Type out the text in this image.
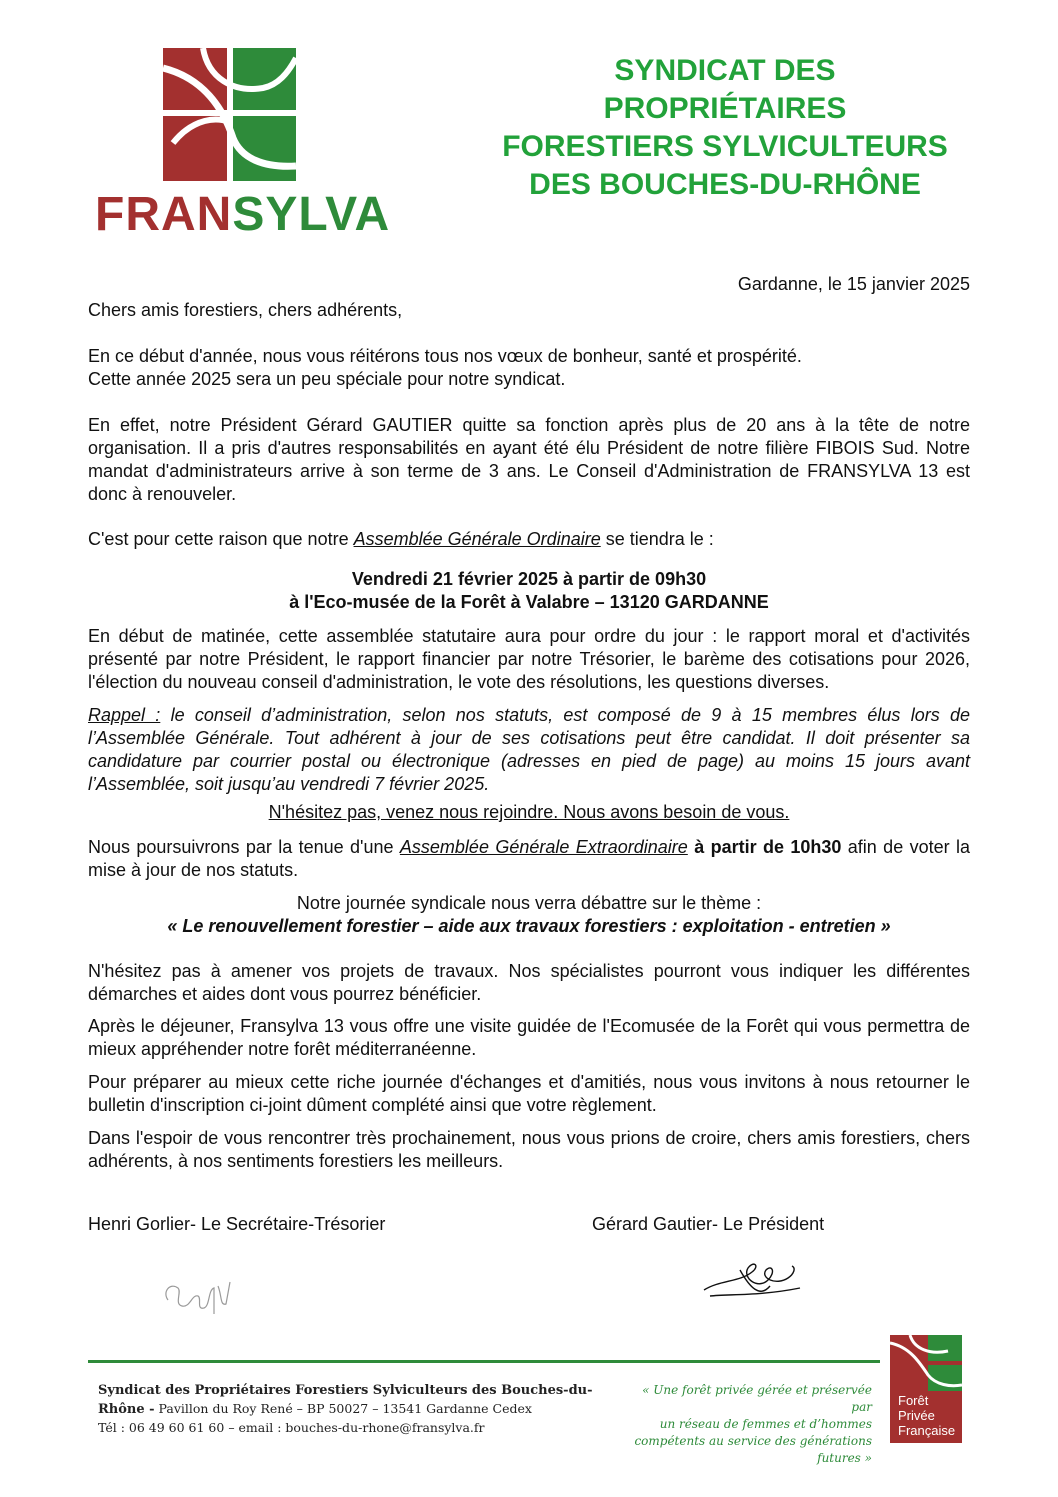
FRANSYLVA
SYNDICAT DES
PROPRIÉTAIRES
FORESTIERS SYLVICULTEURS
DES BOUCHES-DU-RHÔNE
Gardanne, le 15 janvier 2025
Chers amis forestiers, chers adhérents,
En ce début d'année, nous vous réitérons tous nos vœux de bonheur, santé et prospérité.
Cette année 2025 sera un peu spéciale pour notre syndicat.
En effet, notre Président Gérard GAUTIER quitte sa fonction après plus de 20 ans à la tête de notre organisation. Il a pris d'autres responsabilités en ayant été élu Président de notre filière FIBOIS Sud. Notre mandat d'administrateurs arrive à son terme de 3 ans. Le Conseil d'Administration de FRANSYLVA 13 est donc à renouveler.
C'est pour cette raison que notre Assemblée Générale Ordinaire se tiendra le :
Vendredi 21 février 2025 à partir de 09h30
à l'Eco-musée de la Forêt à Valabre – 13120 GARDANNE
En début de matinée, cette assemblée statutaire aura pour ordre du jour : le rapport moral et d'activités présenté par notre Président, le rapport financier par notre Trésorier, le barème des cotisations pour 2026, l'élection du nouveau conseil d'administration, le vote des résolutions, les questions diverses.
Rappel : le conseil d’administration, selon nos statuts, est composé de 9 à 15 membres élus lors de l’Assemblée Générale. Tout adhérent à jour de ses cotisations peut être candidat. Il doit présenter sa candidature par courrier postal ou électronique (adresses en pied de page) au moins 15 jours avant l’Assemblée, soit jusqu’au vendredi 7 février 2025.
N'hésitez pas, venez nous rejoindre. Nous avons besoin de vous.
Nous poursuivrons par la tenue d'une Assemblée Générale Extraordinaire à partir de 10h30 afin de voter la mise à jour de nos statuts.
Notre journée syndicale nous verra débattre sur le thème :
« Le renouvellement forestier – aide aux travaux forestiers : exploitation - entretien »
N'hésitez pas à amener vos projets de travaux. Nos spécialistes pourront vous indiquer les différentes démarches et aides dont vous pourrez bénéficier.
Après le déjeuner, Fransylva 13 vous offre une visite guidée de l'Ecomusée de la Forêt qui vous permettra de mieux appréhender notre forêt méditerranéenne.
Pour préparer au mieux cette riche journée d'échanges et d'amitiés, nous vous invitons à nous retourner le bulletin d'inscription ci-joint dûment complété ainsi que votre règlement.
Dans l'espoir de vous rencontrer très prochainement, nous vous prions de croire, chers amis forestiers, chers adhérents, à nos sentiments forestiers les meilleurs.
Henri Gorlier- Le Secrétaire-Trésorier	Gérard Gautier- Le Président
Syndicat des Propriétaires Forestiers Sylviculteurs des Bouches-du-
Rhône - Pavillon du Roy René – BP 50027 – 13541 Gardanne Cedex
Tél : 06 49 60 61 60 – email : bouches-du-rhone@fransylva.fr
« Une forêt privée gérée et préservée par
un réseau de femmes et d’hommes
compétents au service des générations
futures »
Forêt
Privée
Française
